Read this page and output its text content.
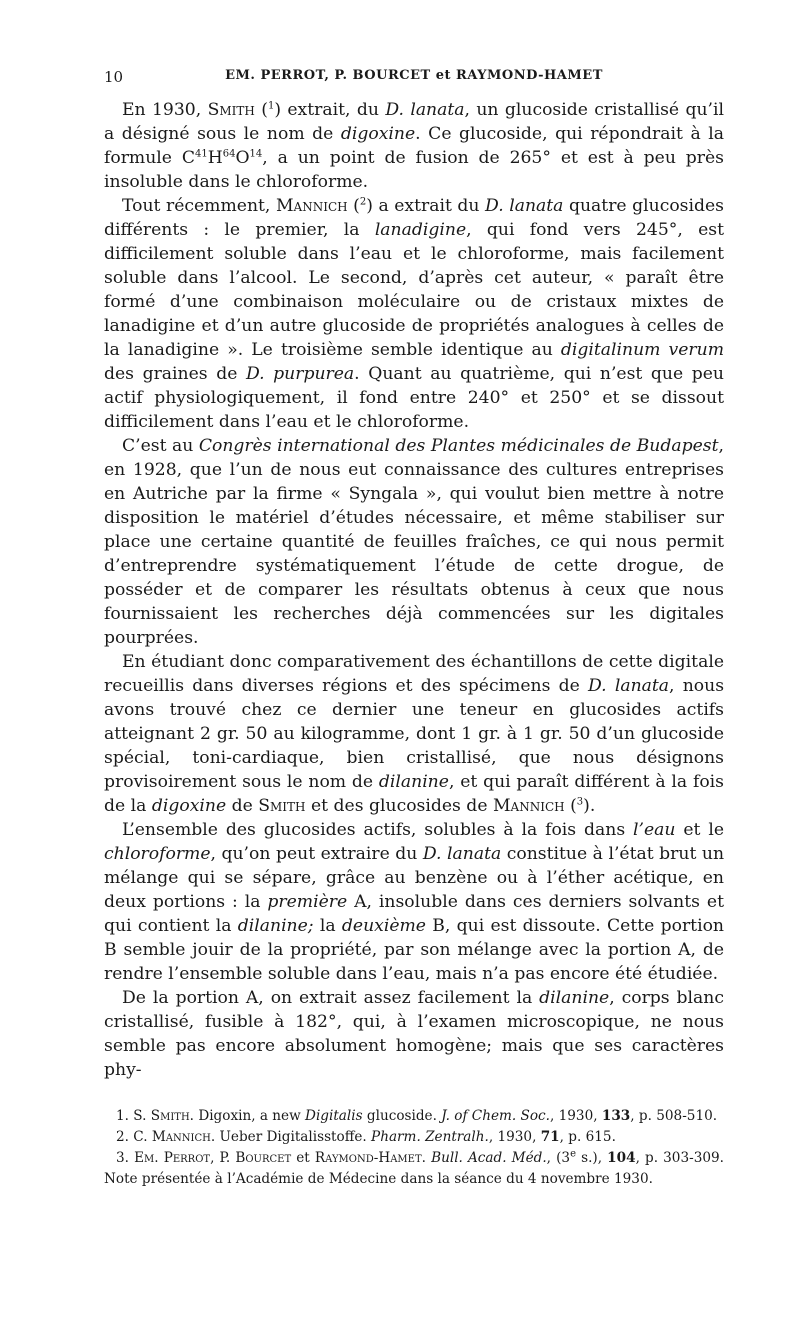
10	EM. PERROT, P. BOURCET et RAYMOND-HAMET

En 1930, Smith ($^1$) extrait, du D. lanata, un glucoside cristallisé qu’il a désigné sous le nom de digoxine. Ce glucoside, qui répondrait à la formule $C^{41}H^{64}O^{14}$, a un point de fusion de 265° et est à peu près insoluble dans le chloroforme.

Tout récemment, Mannich ($^2$) a extrait du D. lanata quatre glucosides différents : le premier, la lanadigine, qui fond vers 245°, est difficilement soluble dans l’eau et le chloroforme, mais facilement soluble dans l’alcool. Le second, d’après cet auteur, « paraît être formé d’une combinaison moléculaire ou de cristaux mixtes de lanadigine et d’un autre glucoside de propriétés analogues à celles de la lanadigine ». Le troisième semble identique au digitalinum verum des graines de D. purpurea. Quant au quatrième, qui n’est que peu actif physiologiquement, il fond entre 240° et 250° et se dissout difficilement dans l’eau et le chloroforme.

C’est au Congrès international des Plantes médicinales de Budapest, en 1928, que l’un de nous eut connaissance des cultures entreprises en Autriche par la firme « Syngala », qui voulut bien mettre à notre disposition le matériel d’études nécessaire, et même stabiliser sur place une certaine quantité de feuilles fraîches, ce qui nous permit d’entreprendre systématiquement l’étude de cette drogue, de posséder et de comparer les résultats obtenus à ceux que nous fournissaient les recherches déjà commencées sur les digitales pourprées.

En étudiant donc comparativement des échantillons de cette digitale recueillis dans diverses régions et des spécimens de D. lanata, nous avons trouvé chez ce dernier une teneur en glucosides actifs atteignant 2 gr. 50 au kilogramme, dont 1 gr. à 1 gr. 50 d’un glucoside spécial, toni-cardiaque, bien cristallisé, que nous désignons provisoirement sous le nom de dilanine, et qui paraît différent à la fois de la digoxine de Smith et des glucosides de Mannich ($^3$).

L’ensemble des glucosides actifs, solubles à la fois dans l’eau et le chloroforme, qu’on peut extraire du D. lanata constitue à l’état brut un mélange qui se sépare, grâce au benzène ou à l’éther acétique, en deux portions : la première A, insoluble dans ces derniers solvants et qui contient la dilanine; la deuxième B, qui est dissoute. Cette portion B semble jouir de la propriété, par son mélange avec la portion A, de rendre l’ensemble soluble dans l’eau, mais n’a pas encore été étudiée.

De la portion A, on extrait assez facilement la dilanine, corps blanc cristallisé, fusible à 182°, qui, à l’examen microscopique, ne nous semble pas encore absolument homogène; mais que ses caractères phy-

1. S. Smith. Digoxin, a new Digitalis glucoside. J. of Chem. Soc., 1930, 133, p. 508-510.

2. C. Mannich. Ueber Digitalisstoffe. Pharm. Zentralh., 1930, 71, p. 615.

3. Em. Perrot, P. Bourcet et Raymond-Hamet. Bull. Acad. Méd., (3e s.), 104, p. 303-309. Note présentée à l’Académie de Médecine dans la séance du 4 novembre 1930.
